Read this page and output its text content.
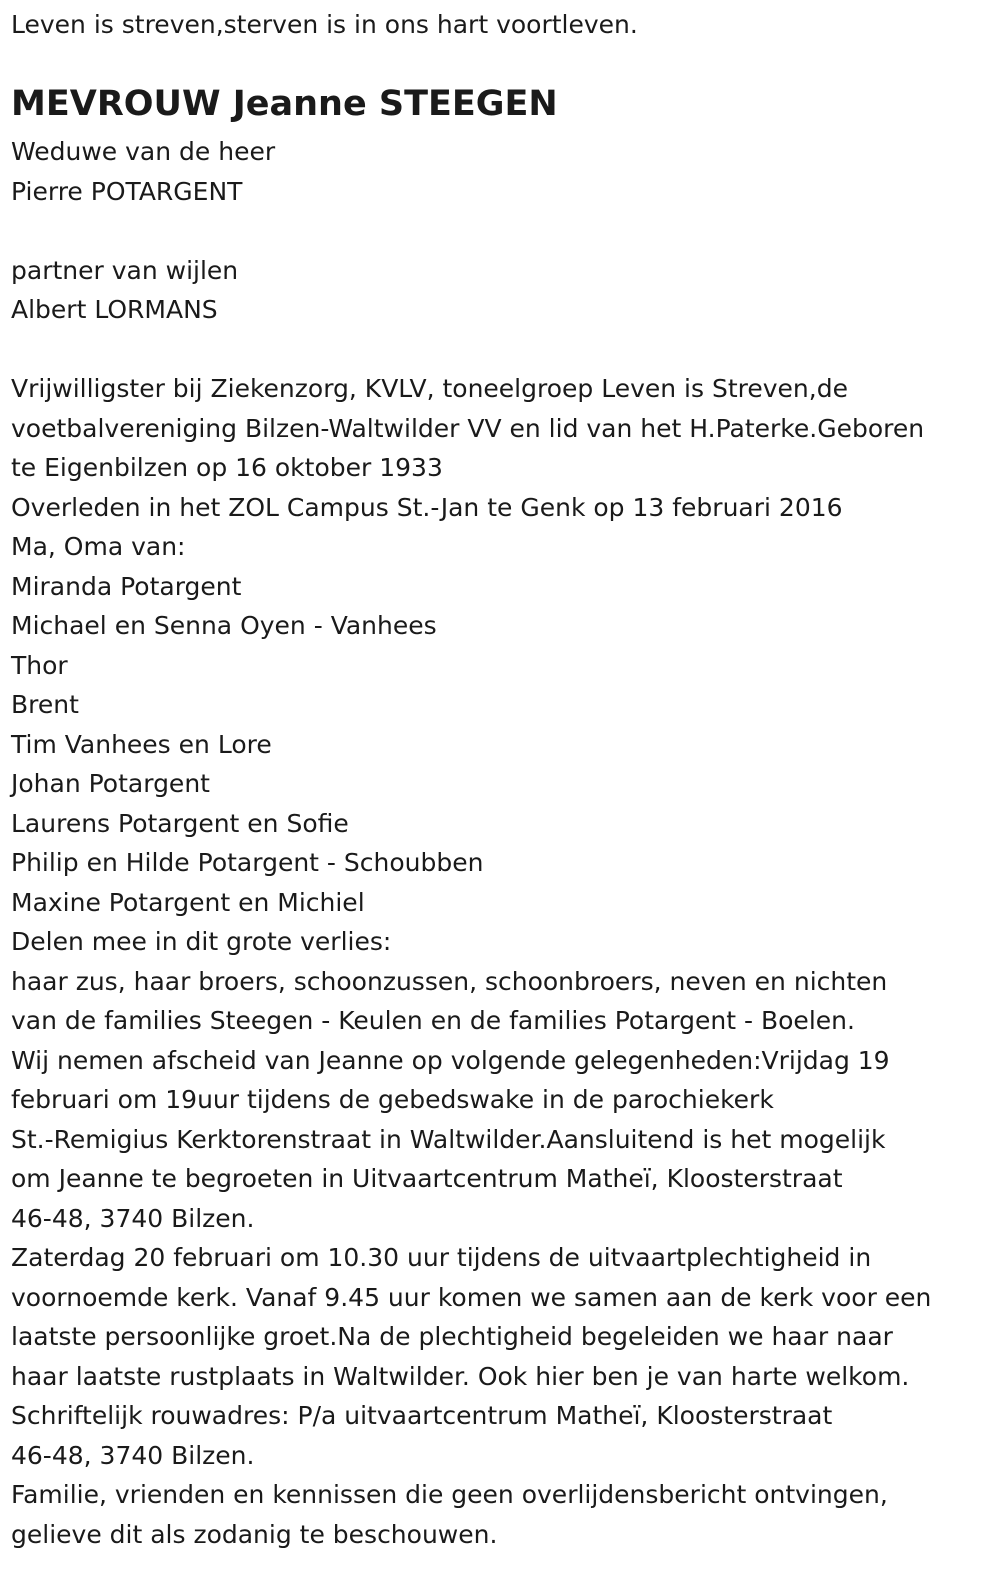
Leven is streven,sterven is in ons hart voortleven.
MEVROUW Jeanne STEEGEN
Weduwe van de heer
Pierre POTARGENT
partner van wijlen
Albert LORMANS
Vrijwilligster bij Ziekenzorg, KVLV, toneelgroep Leven is Streven,de
voetbalvereniging Bilzen-Waltwilder VV en lid van het H.Paterke.Geboren
te Eigenbilzen op 16 oktober 1933
Overleden in het ZOL Campus St.-Jan te Genk op 13 februari 2016
Ma, Oma van:
Miranda Potargent
Michael en Senna Oyen - Vanhees
Thor
Brent
Tim Vanhees en Lore
Johan Potargent
Laurens Potargent en Sofie
Philip en Hilde Potargent - Schoubben
Maxine Potargent en Michiel
Delen mee in dit grote verlies:
haar zus, haar broers, schoonzussen, schoonbroers, neven en nichten
van de families Steegen - Keulen en de families Potargent - Boelen.
Wij nemen afscheid van Jeanne op volgende gelegenheden:Vrijdag 19
februari om 19uur tijdens de gebedswake in de parochiekerk
St.-Remigius Kerktorenstraat in Waltwilder.Aansluitend is het mogelijk
om Jeanne te begroeten in Uitvaartcentrum Matheï, Kloosterstraat
46-48, 3740 Bilzen.
Zaterdag 20 februari om 10.30 uur tijdens de uitvaartplechtigheid in
voornoemde kerk. Vanaf 9.45 uur komen we samen aan de kerk voor een
laatste persoonlijke groet.Na de plechtigheid begeleiden we haar naar
haar laatste rustplaats in Waltwilder. Ook hier ben je van harte welkom.
Schriftelijk rouwadres: P/a uitvaartcentrum Matheï, Kloosterstraat
46-48, 3740 Bilzen.
Familie, vrienden en kennissen die geen overlijdensbericht ontvingen,
gelieve dit als zodanig te beschouwen.
